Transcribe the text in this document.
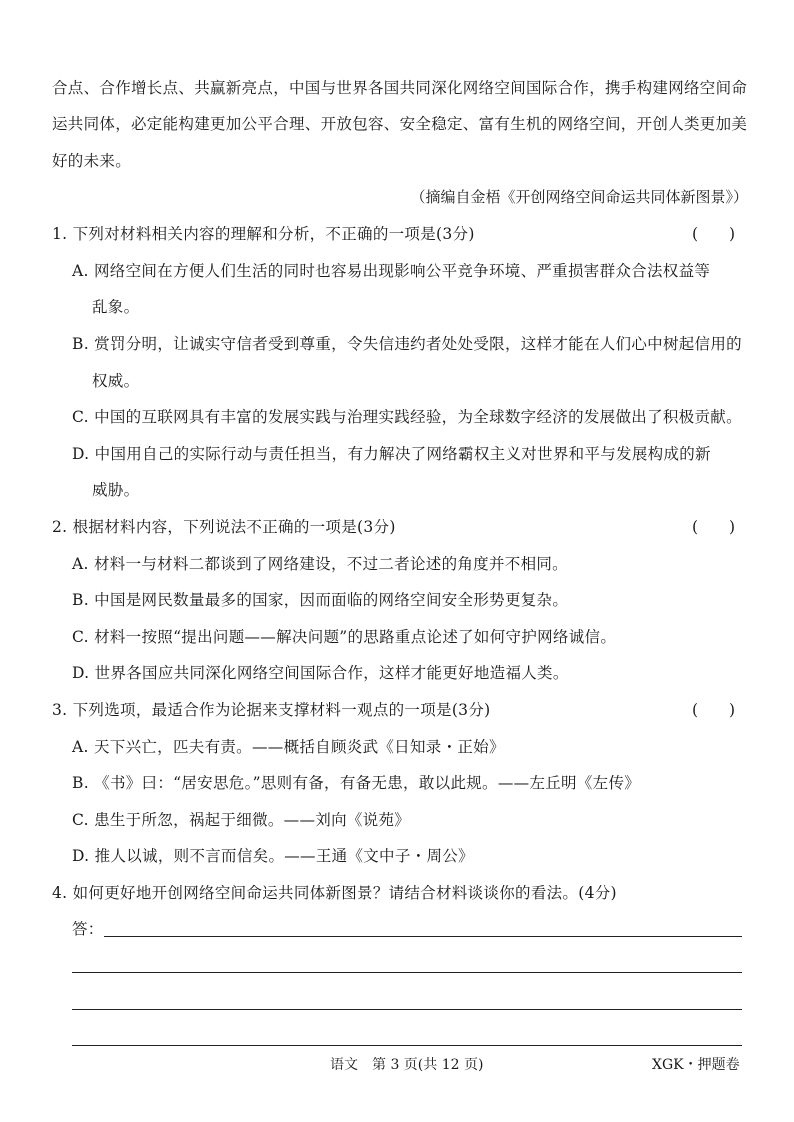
合点、合作增长点、共赢新亮点，中国与世界各国共同深化网络空间国际合作，携手构建网络空间命
运共同体，必定能构建更加公平合理、开放包容、安全稳定、富有生机的网络空间，开创人类更加美
好的未来。
（摘编自金梧《开创网络空间命运共同体新图景》）
1. 下列对材料相关内容的理解和分析，不正确的一项是(3分)	(　　)
A. 网络空间在方便人们生活的同时也容易出现影响公平竞争环境、严重损害群众合法权益等
乱象。
B. 赏罚分明，让诚实守信者受到尊重，令失信违约者处处受限，这样才能在人们心中树起信用的
权威。
C. 中国的互联网具有丰富的发展实践与治理实践经验，为全球数字经济的发展做出了积极贡献。
D. 中国用自己的实际行动与责任担当，有力解决了网络霸权主义对世界和平与发展构成的新
威胁。
2. 根据材料内容，下列说法不正确的一项是(3分)	(　　)
A. 材料一与材料二都谈到了网络建设，不过二者论述的角度并不相同。
B. 中国是网民数量最多的国家，因而面临的网络空间安全形势更复杂。
C. 材料一按照“提出问题——解决问题”的思路重点论述了如何守护网络诚信。
D. 世界各国应共同深化网络空间国际合作，这样才能更好地造福人类。
3. 下列选项，最适合作为论据来支撑材料一观点的一项是(3分)	(　　)
A. 天下兴亡，匹夫有责。——概括自顾炎武《日知录・正始》
B. 《书》曰：“居安思危。”思则有备，有备无患，敢以此规。——左丘明《左传》
C. 患生于所忽，祸起于细微。——刘向《说苑》
D. 推人以诚，则不言而信矣。——王通《文中子・周公》
4. 如何更好地开创网络空间命运共同体新图景？请结合材料谈谈你的看法。(4分)
答：
语文　第 3 页(共 12 页)	XGK・押题卷
